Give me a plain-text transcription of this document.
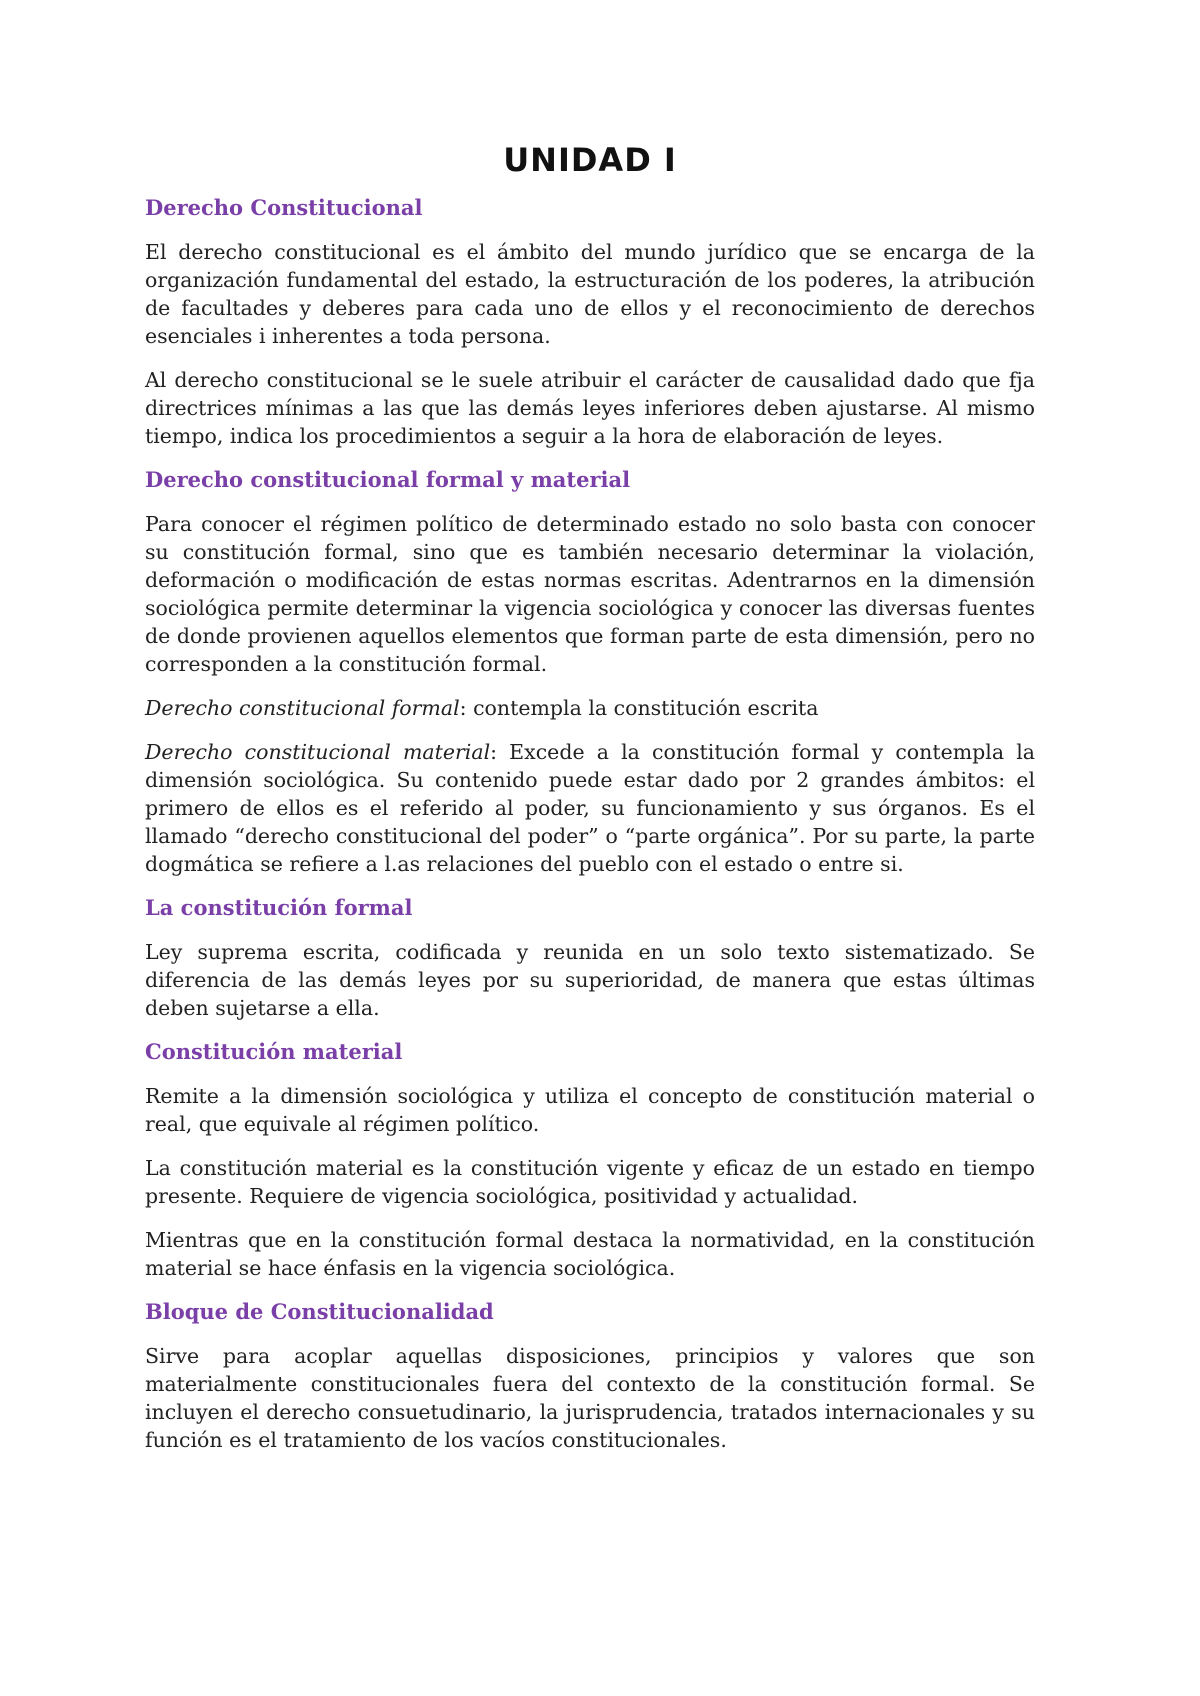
UNIDAD I
Derecho Constitucional

El derecho constitucional es el ámbito del mundo jurídico que se encarga de la organización fundamental del estado, la estructuración de los poderes, la atribución de facultades y deberes para cada uno de ellos y el reconocimiento de derechos esenciales i inherentes a toda persona.

Al derecho constitucional se le suele atribuir el carácter de causalidad dado que fja directrices mínimas a las que las demás leyes inferiores deben ajustarse. Al mismo tiempo, indica los procedimientos a seguir a la hora de elaboración de leyes.

Derecho constitucional formal y material

Para conocer el régimen político de determinado estado no solo basta con conocer su constitución formal, sino que es también necesario determinar la violación, deformación o modificación de estas normas escritas. Adentrarnos en la dimensión sociológica permite determinar la vigencia sociológica y conocer las diversas fuentes de donde provienen aquellos elementos que forman parte de esta dimensión, pero no corresponden a la constitución formal.

Derecho constitucional formal: contempla la constitución escrita

Derecho constitucional material: Excede a la constitución formal y contempla la dimensión sociológica. Su contenido puede estar dado por 2 grandes ámbitos: el primero de ellos es el referido al poder, su funcionamiento y sus órganos. Es el llamado “derecho constitucional del poder” o “parte orgánica”. Por su parte, la parte dogmática se refiere a l.as relaciones del pueblo con el estado o entre si.

La constitución formal

Ley suprema escrita, codificada y reunida en un solo texto sistematizado. Se diferencia de las demás leyes por su superioridad, de manera que estas últimas deben sujetarse a ella.

Constitución material

Remite a la dimensión sociológica y utiliza el concepto de constitución material o real, que equivale al régimen político.

La constitución material es la constitución vigente y eficaz de un estado en tiempo presente. Requiere de vigencia sociológica, positividad y actualidad.

Mientras que en la constitución formal destaca la normatividad, en la constitución material se hace énfasis en la vigencia sociológica.

Bloque de Constitucionalidad

Sirve para acoplar aquellas disposiciones, principios y valores que son materialmente constitucionales fuera del contexto de la constitución formal. Se incluyen el derecho consuetudinario, la jurisprudencia, tratados internacionales y su función es el tratamiento de los vacíos constitucionales.
